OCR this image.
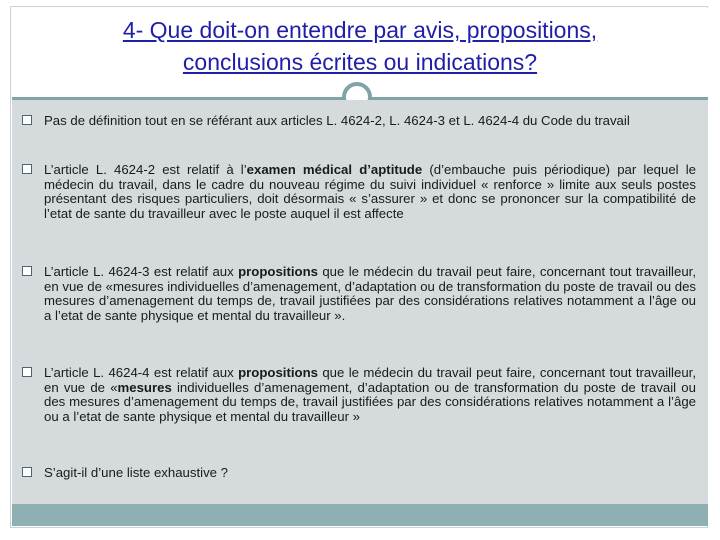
4- Que doit-on entendre par avis, propositions,
conclusions écrites ou indications?
Pas de définition tout en se référant aux articles L. 4624-2, L. 4624-3 et L. 4624-4 du Code du travail
L’article L. 4624-2 est relatif à l’examen médical d’aptitude (d’embauche puis périodique) par lequel le médecin du travail, dans le cadre du nouveau régime du suivi individuel « renforce » limite aux seuls postes présentant des risques particuliers, doit désormais « s’assurer » et donc se prononcer sur la compatibilité de l’etat de sante du travailleur avec le poste auquel il est affecte
L’article L. 4624-3 est relatif aux propositions que le médecin du travail peut faire, concernant tout travailleur, en vue de «mesures individuelles d’amenagement, d’adaptation ou de transformation du poste de travail ou des mesures d’amenagement du temps de, travail justifiées par des considérations relatives notamment a l’âge ou a l’etat de sante physique et mental du travailleur ».
L’article L. 4624-4 est relatif aux propositions que le médecin du travail peut faire, concernant tout travailleur, en vue de «mesures individuelles d’amenagement, d’adaptation ou de transformation du poste de travail ou des mesures d’amenagement du temps de, travail justifiées par des considérations relatives notamment a l’âge ou a l’etat de sante physique et mental du travailleur »
S’agit-il d’une liste exhaustive ?
